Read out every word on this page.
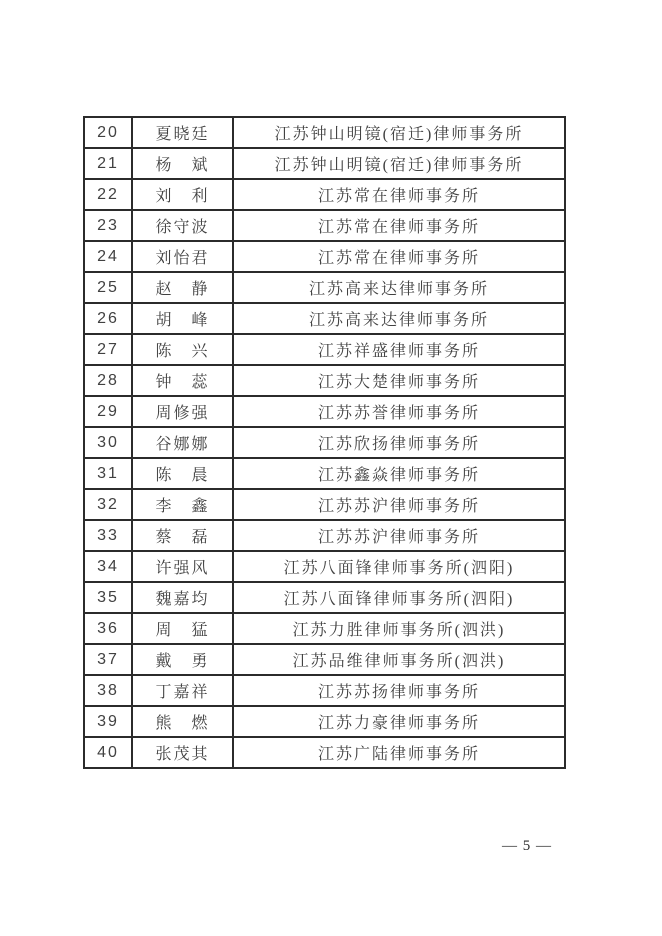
20	夏晓廷	江苏钟山明镜(宿迁)律师事务所
21	杨　斌	江苏钟山明镜(宿迁)律师事务所
22	刘　利	江苏常在律师事务所
23	徐守波	江苏常在律师事务所
24	刘怡君	江苏常在律师事务所
25	赵　静	江苏高来达律师事务所
26	胡　峰	江苏高来达律师事务所
27	陈　兴	江苏祥盛律师事务所
28	钟　蕊	江苏大楚律师事务所
29	周修强	江苏苏誉律师事务所
30	谷娜娜	江苏欣扬律师事务所
31	陈　晨	江苏鑫焱律师事务所
32	李　鑫	江苏苏沪律师事务所
33	蔡　磊	江苏苏沪律师事务所
34	许强风	江苏八面锋律师事务所(泗阳)
35	魏嘉均	江苏八面锋律师事务所(泗阳)
36	周　猛	江苏力胜律师事务所(泗洪)
37	戴　勇	江苏品维律师事务所(泗洪)
38	丁嘉祥	江苏苏扬律师事务所
39	熊　燃	江苏力豪律师事务所
40	张茂其	江苏广陆律师事务所
— 5 —
